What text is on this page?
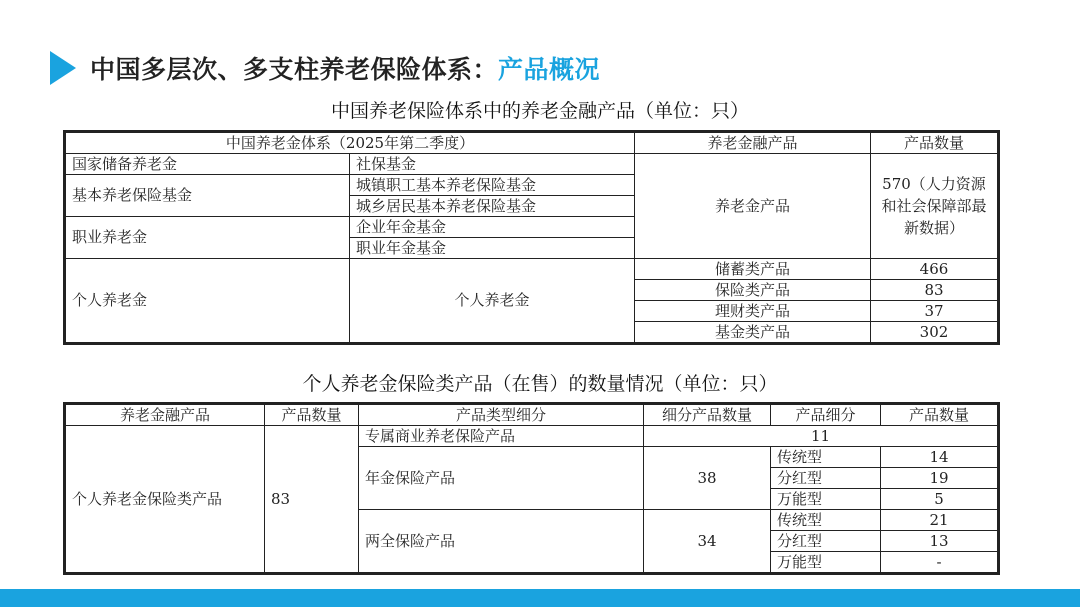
中国多层次、多支柱养老保险体系：产品概况
中国养老保险体系中的养老金融产品（单位：只）
中国养老金体系（2025年第二季度）		养老金融产品	产品数量
国家储备养老金	社保基金	养老金产品	570（人力资源和社会保障部最新数据）
基本养老保险基金	城镇职工基本养老保险基金		
	城乡居民基本养老保险基金		
职业养老金	企业年金基金		
	职业年金基金		
个人养老金	个人养老金	储蓄类产品	466
		保险类产品	83
		理财类产品	37
		基金类产品	302
个人养老金保险类产品（在售）的数量情况（单位：只）
养老金融产品	产品数量	产品类型细分	细分产品数量	产品细分	产品数量
个人养老金保险类产品	83	专属商业养老保险产品	11		
		年金保险产品	38	传统型	14
				分红型	19
				万能型	5
		两全保险产品	34	传统型	21
				分红型	13
				万能型	-
